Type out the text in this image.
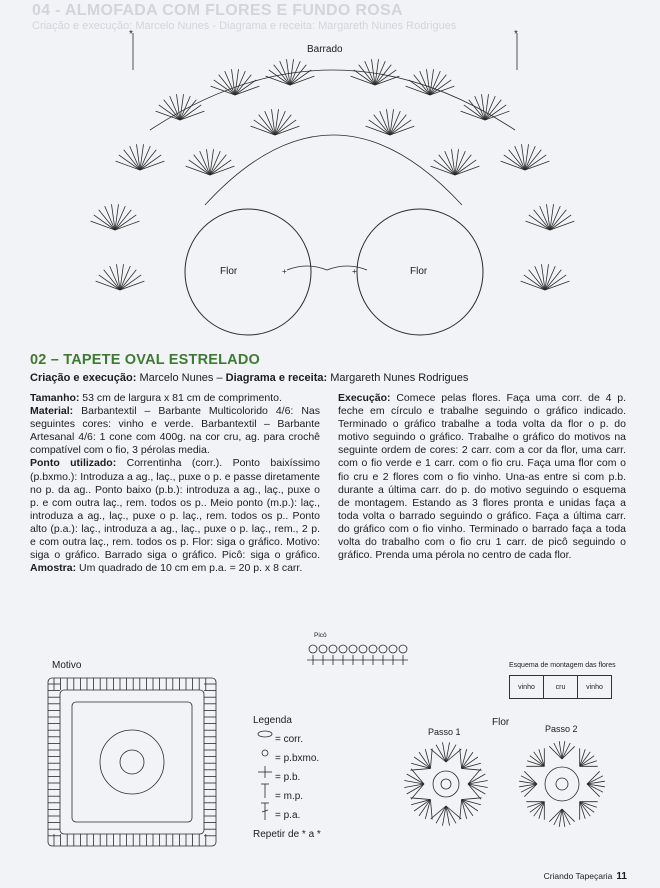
04 - ALMOFADA COM FLORES E FUNDO ROSA
Criação e execução: Marcelo Nunes - Diagrama e receita: Margareth Nunes Rodrigues
*	*
+	+
Barrado
Flor	Flor
02 – TAPETE OVAL ESTRELADO
Criação e execução: Marcelo Nunes – Diagrama e receita: Margareth Nunes Rodrigues
Tamanho: 53 cm de largura x 81 cm de comprimento.
Material: Barbantextil – Barbante Multicolorido 4/6: Nas seguintes cores: vinho e verde. Barbantextil – Barbante Artesanal 4/6: 1 cone com 400g. na cor cru, ag. para crochê compatível com o fio, 3 pérolas media.
Ponto utilizado: Correntinha (corr.). Ponto baixíssimo (p.bxmo.): Introduza a ag., laç., puxe o p. e passe diretamente no p. da ag.. Ponto baixo (p.b.): introduza a ag., laç., puxe o p. e com outra laç., rem. todos os p.. Meio ponto (m.p.): laç., introduza a ag., laç., puxe o p. laç., rem. todos os p.. Ponto alto (p.a.): laç., introduza a ag., laç., puxe o p. laç., rem., 2 p. e com outra laç., rem. todos os p. Flor: siga o gráfico. Motivo: siga o gráfico. Barrado siga o gráfico. Picô: siga o gráfico. Amostra: Um quadrado de 10 cm em p.a. = 20 p. x 8 carr.
Execução: Comece pelas flores. Faça uma corr. de 4 p. feche em círculo e trabalhe seguindo o gráfico indicado. Terminado o gráfico trabalhe a toda volta da flor o p. do motivo seguindo o gráfico. Trabalhe o gráfico do motivos na seguinte ordem de cores: 2 carr. com a cor da flor, uma carr. com o fio verde e 1 carr. com o fio cru. Faça uma flor com o fio cru e 2 flores com o fio vinho. Una-as entre si com p.b. durante a última carr. do p. do motivo seguindo o esquema de montagem. Estando as 3 flores pronta e unidas faça a toda volta o barrado seguindo o gráfico. Faça a última carr. do gráfico com o fio vinho. Terminado o barrado faça a toda volta do trabalho com o fio cru 1 carr. de picô seguindo o gráfico. Prenda uma pérola no centro de cada flor.
Picô
Motivo
Flor
Passo 1	Passo 2
Esquema de montagem das flores
vinho	cru	vinho
Legenda
= corr.
= p.bxmo.
= p.b.
= m.p.
= p.a.
Repetir de * a *
Criando Tapeçaria 11
